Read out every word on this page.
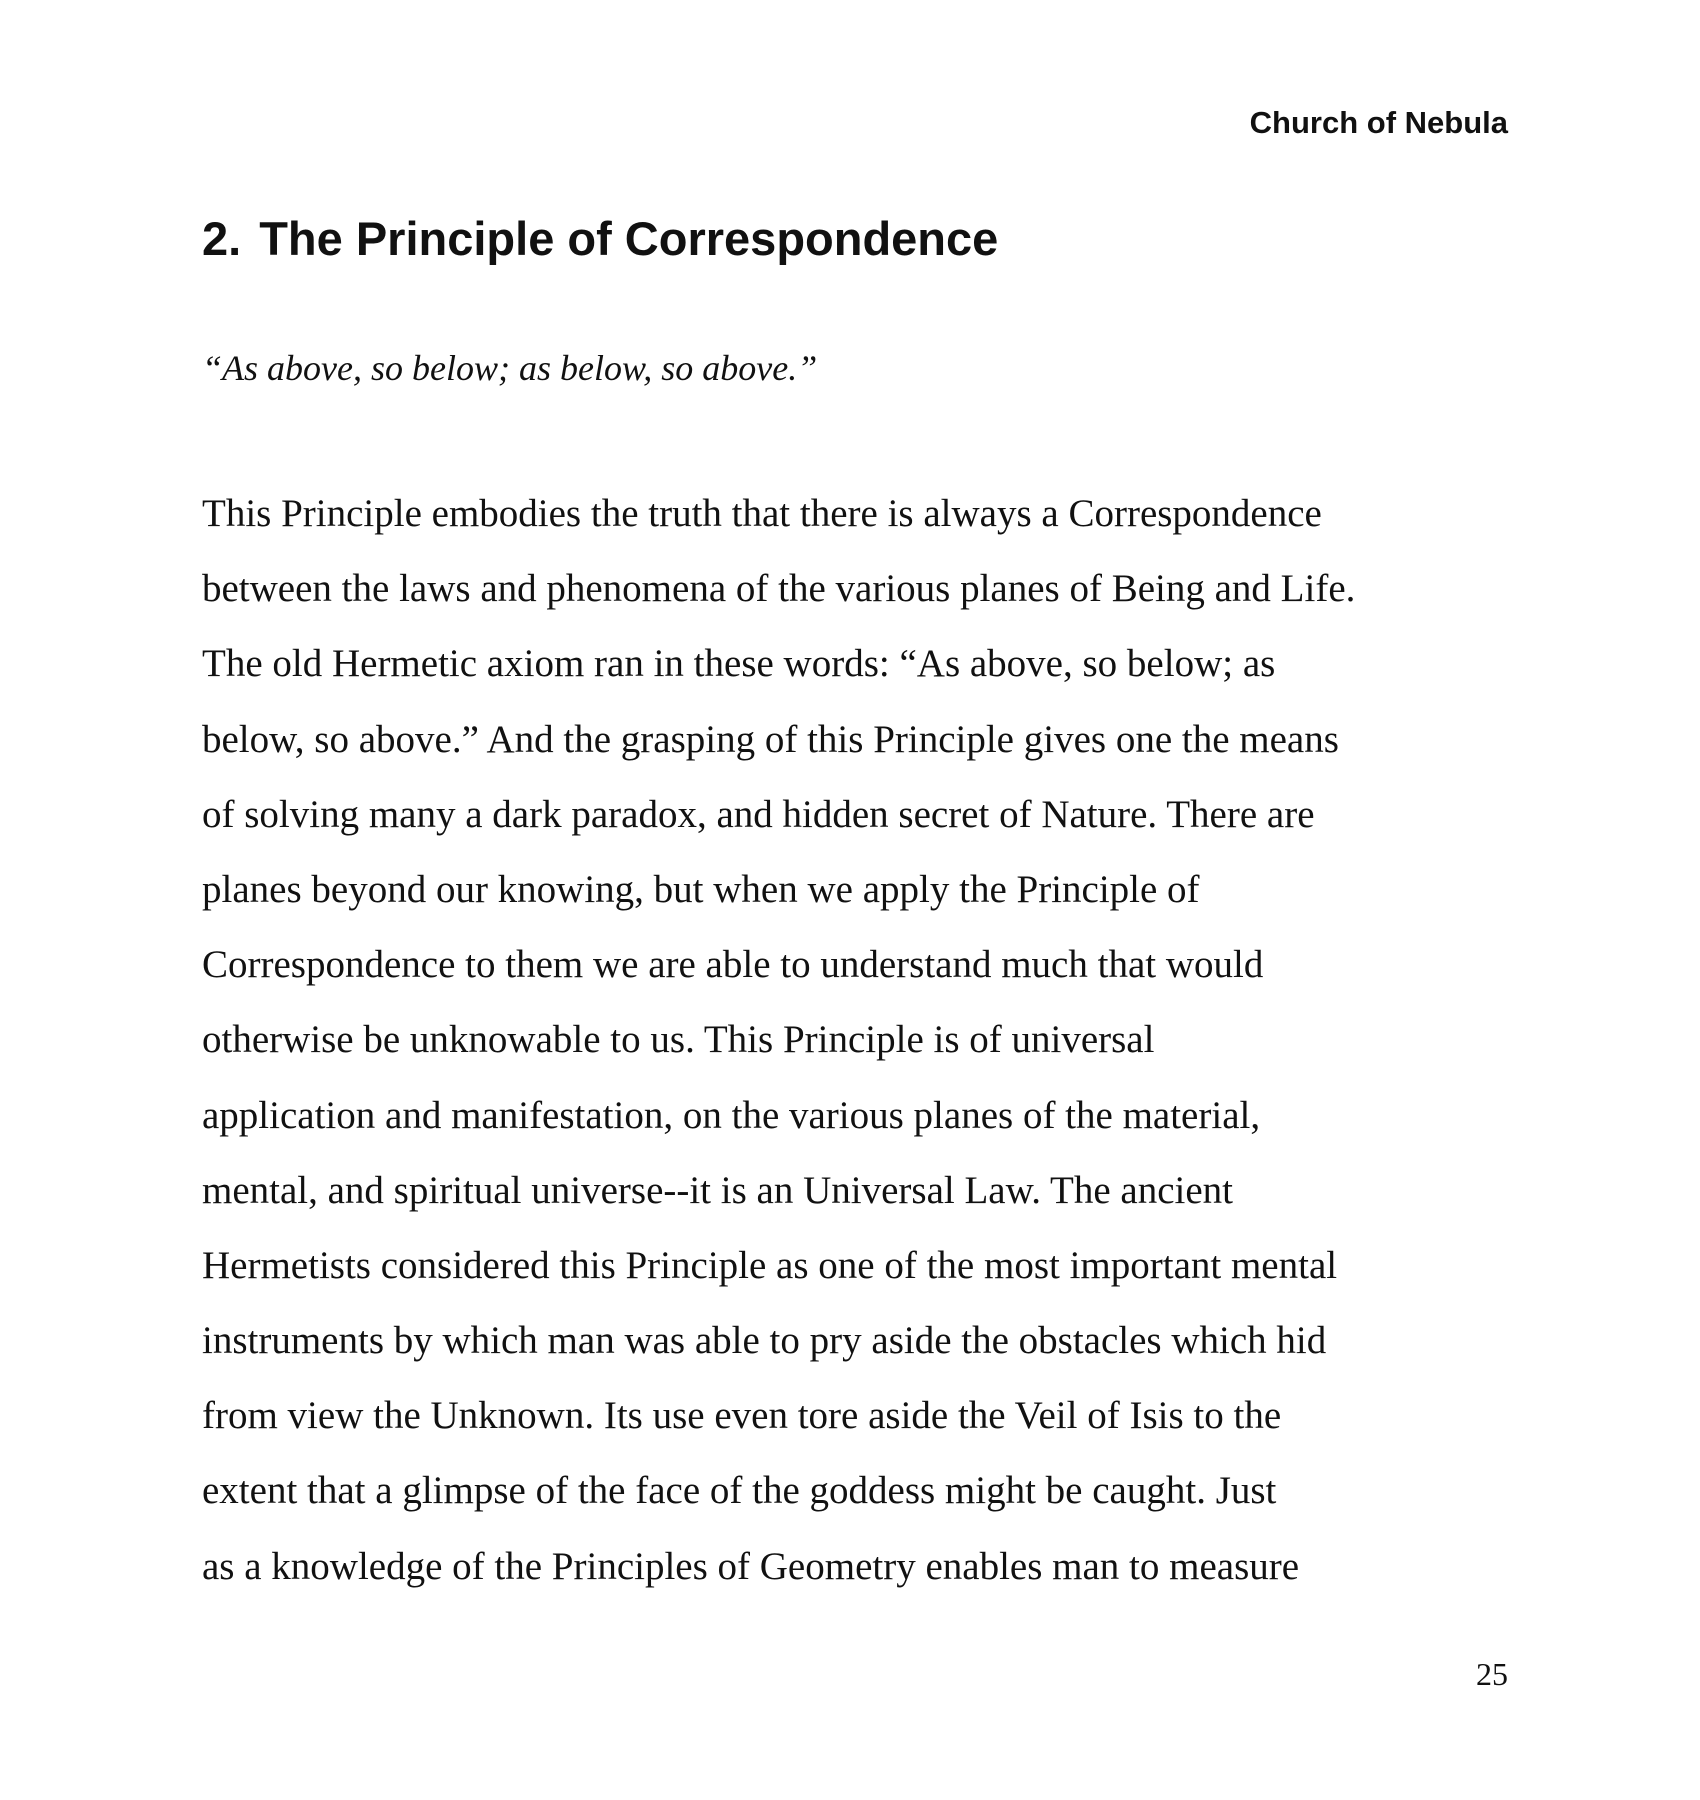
Church of Nebula
2. The Principle of Correspondence

“As above, so below; as below, so above.”

This Principle embodies the truth that there is always a Correspondence
between the laws and phenomena of the various planes of Being and Life.
The old Hermetic axiom ran in these words: “As above, so below; as
below, so above.” And the grasping of this Principle gives one the means
of solving many a dark paradox, and hidden secret of Nature. There are
planes beyond our knowing, but when we apply the Principle of
Correspondence to them we are able to understand much that would
otherwise be unknowable to us. This Principle is of universal
application and manifestation, on the various planes of the material,
mental, and spiritual universe--it is an Universal Law. The ancient
Hermetists considered this Principle as one of the most important mental
instruments by which man was able to pry aside the obstacles which hid
from view the Unknown. Its use even tore aside the Veil of Isis to the
extent that a glimpse of the face of the goddess might be caught. Just
as a knowledge of the Principles of Geometry enables man to measure
25
